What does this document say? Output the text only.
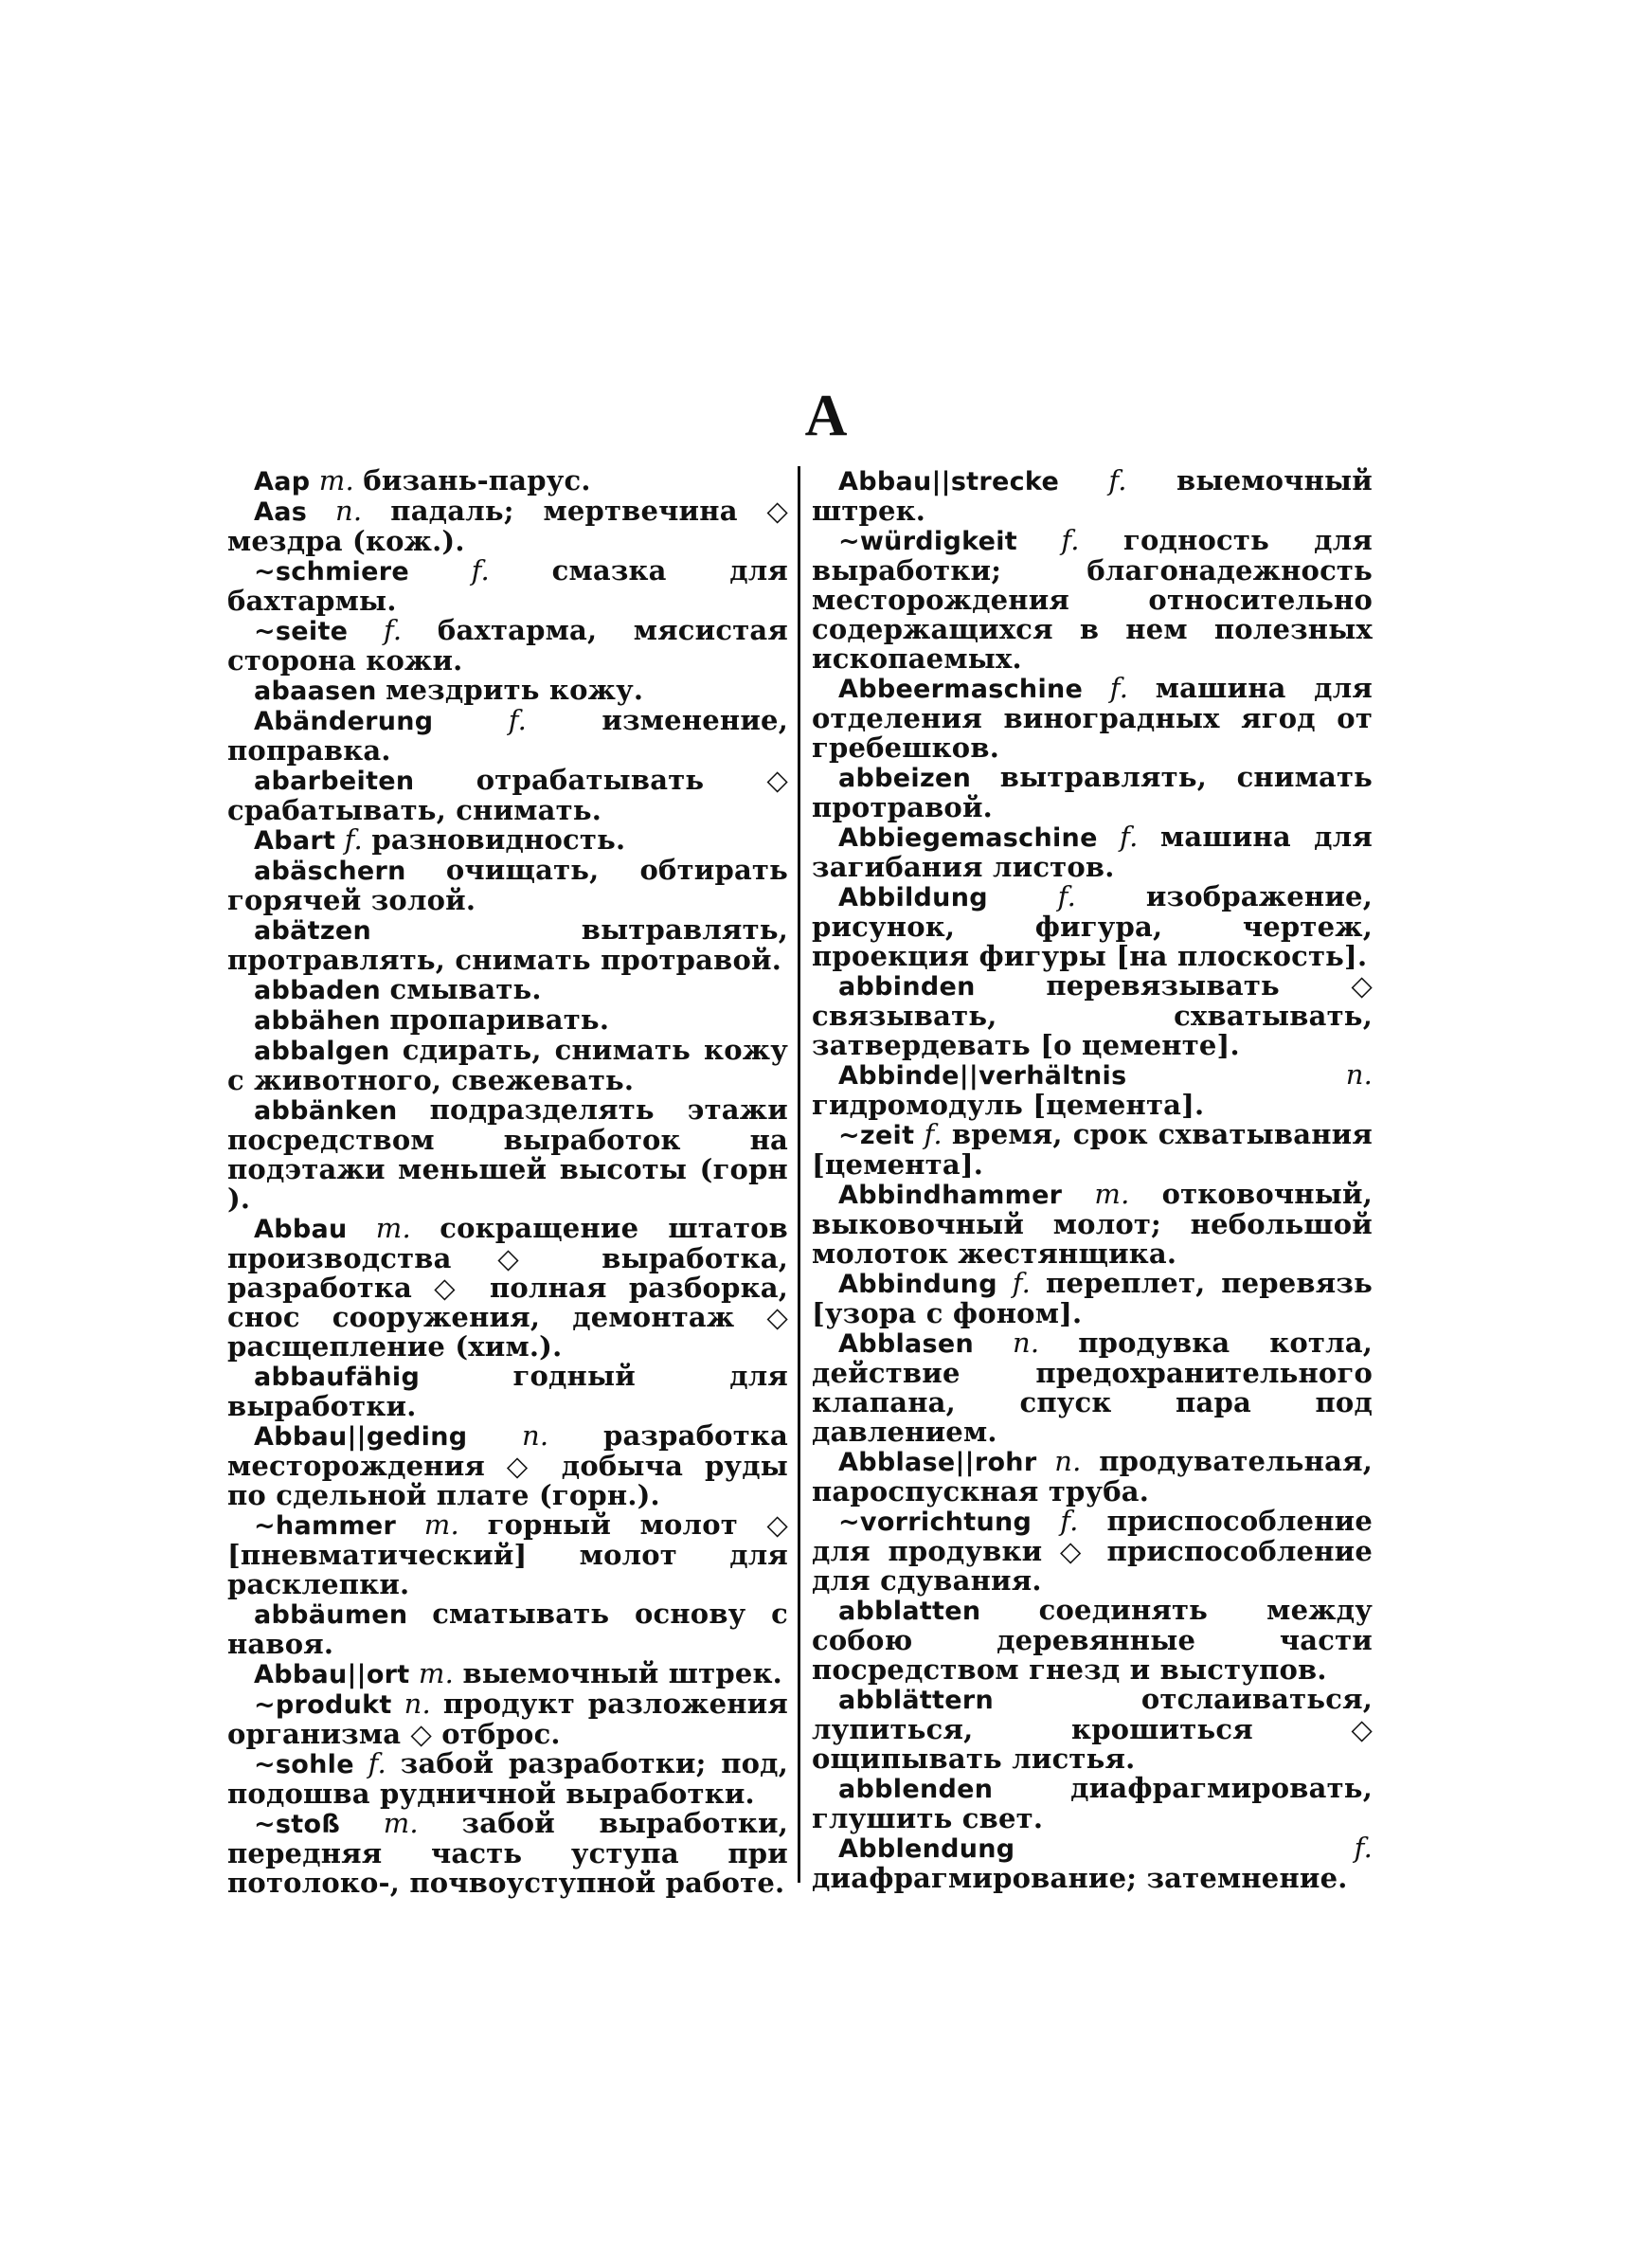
A

Aap m. бизань-парус.

Aas n. падаль; мертвечина ◇ мездра (кож.).

~schmiere f. смазка для бахтармы.

~seite f. бахтарма, мясистая сторона кожи.

abaasen мездрить кожу.

Abänderung	f.	изменение, поправка.

abarbeiten отрабатывать ◇ срабатывать, снимать.

Abart f. разновидность.

abäschern очищать, обтирать горячей золой.

abätzen	вытравлять, протравлять, снимать протравой.

abbaden смывать.

abbähen пропаривать.

abbalgen сдирать, снимать кожу с животного, свежевать.

abbänken подразделять этажи посредством выработок на подэтажи меньшей высоты (горн ).

Abbau m. сокращение штатов производства ◇ выработка, разработка ◇ полная разборка, снос сооружения, демонтаж ◇ расщепление (хим.).

abbaufähig	годный для выработки.

Abbau||geding n. разработка месторождения ◇ добыча руды по сдельной плате (горн.).

~hammer m. горный молот ◇ [пневматический] молот для расклепки.

abbäumen сматывать основу с навоя.

Abbau||ort m. выемочный штрек.

~produkt n. продукт разложения организма ◇ отброс.

~sohle f. забой разработки; под, подошва рудничной выработки.

~stoß m. забой выработки, передняя часть уступа при потолоко-, почвоуступной работе.

Abbau||strecke f. выемочный штрек.

~würdigkeit f. годность для выработки; благонадежность месторождения относительно содержащихся в нем полезных ископаемых.

Abbeermaschine f. машина для отделения виноградных ягод от гребешков.

abbeizen вытравлять, снимать протравой.

Abbiegemaschine f. машина для загибания листов.

Abbildung	f.	изображение, рисунок, фигура, чертеж, проекция фигуры [на плоскость].

abbinden	перевязывать ◇ связывать, схватывать, затвердевать [о цементе].

Abbinde||verhältnis	n. гидромодуль [цемента].

~zeit f. время, срок схватывания [цемента].

Abbindhammer m. отковочный, выковочный молот; небольшой молоток жестянщика.

Abbindung f. переплет, перевязь [узора с фоном].

Abblasen n. продувка котла, действие предохранительного клапана, спуск пара под давлением.

Abblase||rohr n. продувательная, пароспускная труба.

~vorrichtung f. приспособление для продувки ◇ приспособление для сдувания.

abblatten соединять между собою деревянные части посредством гнезд и выступов.

abblättern	отслаиваться, лупиться, крошиться ◇ ощипывать листья.

abblenden	диафрагмировать, глушить свет.

Abblendung	f. диафрагмирование; затемнение.
